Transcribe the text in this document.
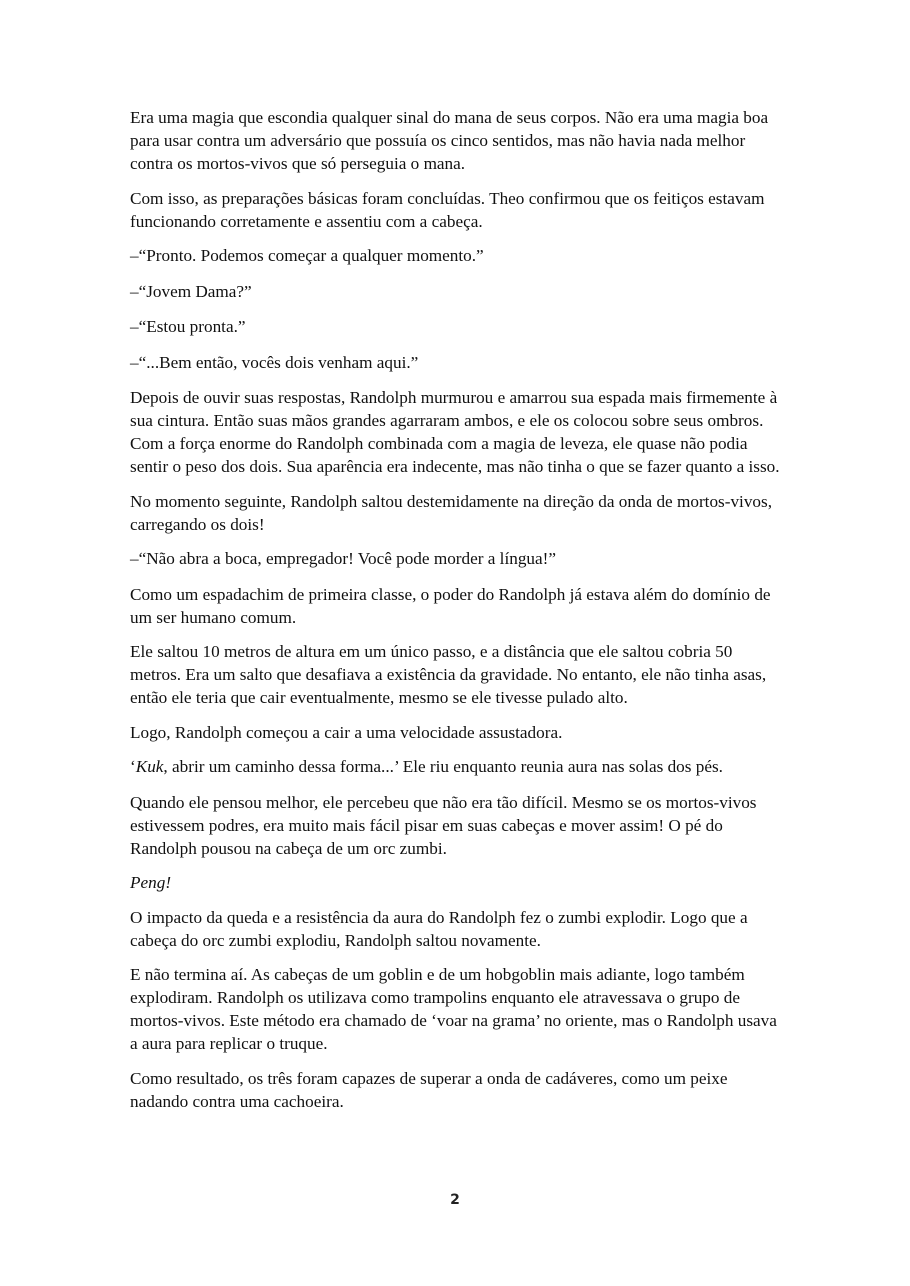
Era uma magia que escondia qualquer sinal do mana de seus corpos. Não era uma magia boa para usar contra um adversário que possuía os cinco sentidos, mas não havia nada melhor contra os mortos-vivos que só perseguia o mana.

Com isso, as preparações básicas foram concluídas. Theo confirmou que os feitiços estavam funcionando corretamente e assentiu com a cabeça.

–“Pronto. Podemos começar a qualquer momento.”

–“Jovem Dama?”

–“Estou pronta.”

–“...Bem então, vocês dois venham aqui.”

Depois de ouvir suas respostas, Randolph murmurou e amarrou sua espada mais firmemente à sua cintura. Então suas mãos grandes agarraram ambos, e ele os colocou sobre seus ombros. Com a força enorme do Randolph combinada com a magia de leveza, ele quase não podia sentir o peso dos dois. Sua aparência era indecente, mas não tinha o que se fazer quanto a isso.

No momento seguinte, Randolph saltou destemidamente na direção da onda de mortos-vivos, carregando os dois!

–“Não abra a boca, empregador! Você pode morder a língua!”

Como um espadachim de primeira classe, o poder do Randolph já estava além do domínio de um ser humano comum.

Ele saltou 10 metros de altura em um único passo, e a distância que ele saltou cobria 50 metros. Era um salto que desafiava a existência da gravidade. No entanto, ele não tinha asas, então ele teria que cair eventualmente, mesmo se ele tivesse pulado alto.

Logo, Randolph começou a cair a uma velocidade assustadora.

‘Kuk, abrir um caminho dessa forma...’ Ele riu enquanto reunia aura nas solas dos pés.

Quando ele pensou melhor, ele percebeu que não era tão difícil. Mesmo se os mortos-vivos estivessem podres, era muito mais fácil pisar em suas cabeças e mover assim! O pé do Randolph pousou na cabeça de um orc zumbi.

Peng!

O impacto da queda e a resistência da aura do Randolph fez o zumbi explodir. Logo que a cabeça do orc zumbi explodiu, Randolph saltou novamente.

E não termina aí. As cabeças de um goblin e de um hobgoblin mais adiante, logo também explodiram. Randolph os utilizava como trampolins enquanto ele atravessava o grupo de mortos-vivos. Este método era chamado de ‘voar na grama’ no oriente, mas o Randolph usava a aura para replicar o truque.

Como resultado, os três foram capazes de superar a onda de cadáveres, como um peixe nadando contra uma cachoeira.

2
